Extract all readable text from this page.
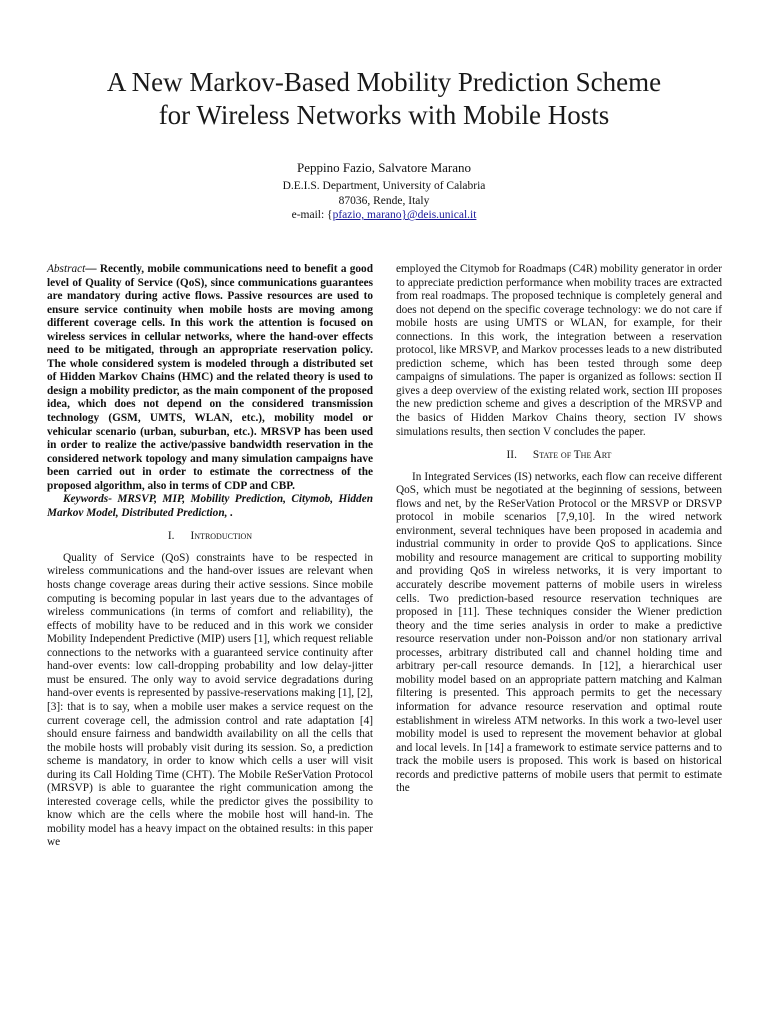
A New Markov-Based Mobility Prediction Scheme
for Wireless Networks with Mobile Hosts
Peppino Fazio, Salvatore Marano
D.E.I.S. Department, University of Calabria
87036, Rende, Italy
e-mail: {pfazio, marano}@deis.unical.it

Abstract— Recently, mobile communications need to benefit a good level of Quality of Service (QoS), since communications guarantees are mandatory during active flows. Passive resources are used to ensure service continuity when mobile hosts are moving among different coverage cells. In this work the attention is focused on wireless services in cellular networks, where the hand-over effects need to be mitigated, through an appropriate reservation policy. The whole considered system is modeled through a distributed set of Hidden Markov Chains (HMC) and the related theory is used to design a mobility predictor, as the main component of the proposed idea, which does not depend on the considered transmission technology (GSM, UMTS, WLAN, etc.), mobility model or vehicular scenario (urban, suburban, etc.). MRSVP has been used in order to realize the active/passive bandwidth reservation in the considered network topology and many simulation campaigns have been carried out in order to estimate the correctness of the proposed algorithm, also in terms of CDP and CBP.

Keywords- MRSVP, MIP, Mobility Prediction, Citymob, Hidden Markov Model, Distributed Prediction, .

I. Introduction

Quality of Service (QoS) constraints have to be respected in wireless communications and the hand-over issues are relevant when hosts change coverage areas during their active sessions. Since mobile computing is becoming popular in last years due to the advantages of wireless communications (in terms of comfort and reliability), the effects of mobility have to be reduced and in this work we consider Mobility Independent Predictive (MIP) users [1], which request reliable connections to the networks with a guaranteed service continuity after hand-over events: low call-dropping probability and low delay-jitter must be ensured. The only way to avoid service degradations during hand-over events is represented by passive-reservations making [1], [2], [3]: that is to say, when a mobile user makes a service request on the current coverage cell, the admission control and rate adaptation [4] should ensure fairness and bandwidth availability on all the cells that the mobile hosts will probably visit during its session. So, a prediction scheme is mandatory, in order to know which cells a user will visit during its Call Holding Time (CHT). The Mobile ReSerVation Protocol (MRSVP) is able to guarantee the right communication among the interested coverage cells, while the predictor gives the possibility to know which are the cells where the mobile host will hand-in. The mobility model has a heavy impact on the obtained results: in this paper we

employed the Citymob for Roadmaps (C4R) mobility generator in order to appreciate prediction performance when mobility traces are extracted from real roadmaps. The proposed technique is completely general and does not depend on the specific coverage technology: we do not care if mobile hosts are using UMTS or WLAN, for example, for their connections. In this work, the integration between a reservation protocol, like MRSVP, and Markov processes leads to a new distributed prediction scheme, which has been tested through some deep campaigns of simulations. The paper is organized as follows: section II gives a deep overview of the existing related work, section III proposes the new prediction scheme and gives a description of the MRSVP and the basics of Hidden Markov Chains theory, section IV shows simulations results, then section V concludes the paper.

II. State of The Art

In Integrated Services (IS) networks, each flow can receive different QoS, which must be negotiated at the beginning of sessions, between flows and net, by the ReSerVation Protocol or the MRSVP or DRSVP protocol in mobile scenarios [7,9,10]. In the wired network environment, several techniques have been proposed in academia and industrial community in order to provide QoS to applications. Since mobility and resource management are critical to supporting mobility and providing QoS in wireless networks, it is very important to accurately describe movement patterns of mobile users in wireless cells. Two prediction-based resource reservation techniques are proposed in [11]. These techniques consider the Wiener prediction theory and the time series analysis in order to make a predictive resource reservation under non-Poisson and/or non stationary arrival processes, arbitrary distributed call and channel holding time and arbitrary per-call resource demands. In [12], a hierarchical user mobility model based on an appropriate pattern matching and Kalman filtering is presented. This approach permits to get the necessary information for advance resource reservation and optimal route establishment in wireless ATM networks. In this work a two-level user mobility model is used to represent the movement behavior at global and local levels. In [14] a framework to estimate service patterns and to track the mobile users is proposed. This work is based on historical records and predictive patterns of mobile users that permit to estimate the
